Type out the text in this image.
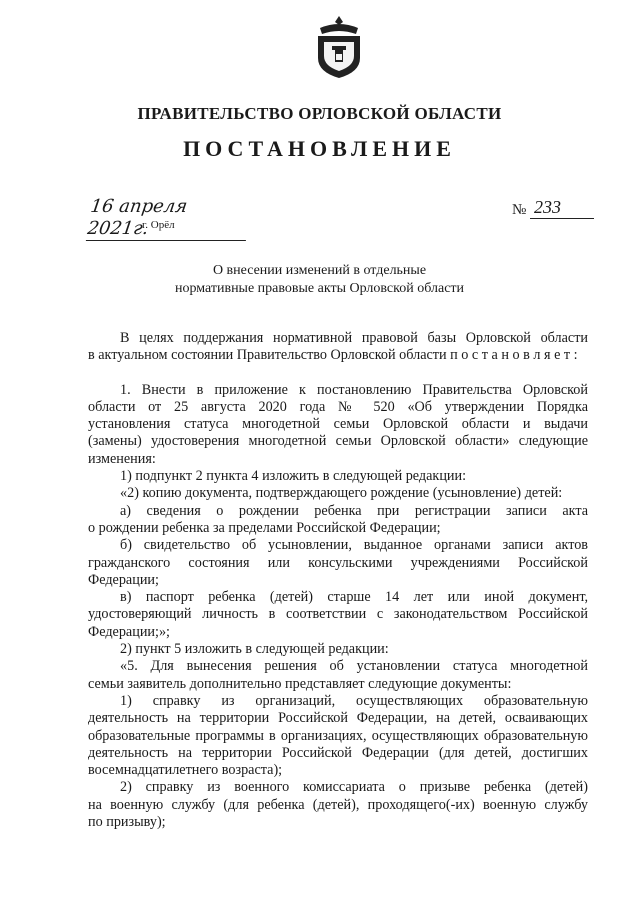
ПРАВИТЕЛЬСТВО ОРЛОВСКОЙ ОБЛАСТИ
ПОСТАНОВЛЕНИЕ
16 апреля 2021г.
г. Орёл
№ 233
О внесении изменений в отдельные
нормативные правовые акты Орловской области
В целях поддержания нормативной правовой базы Орловской области
в актуальном состоянии Правительство Орловской области п о с т а н о в л я е т :
1. Внести в приложение к постановлению Правительства Орловской
области от 25 августа 2020 года № 520 «Об утверждении Порядка
установления статуса многодетной семьи Орловской области и выдачи
(замены) удостоверения многодетной семьи Орловской области» следующие
изменения:
1) подпункт 2 пункта 4 изложить в следующей редакции:
«2) копию документа, подтверждающего рождение (усыновление) детей:
а) сведения о рождении ребенка при регистрации записи акта
о рождении ребенка за пределами Российской Федерации;
б) свидетельство об усыновлении, выданное органами записи актов
гражданского состояния или консульскими учреждениями Российской
Федерации;
в) паспорт ребенка (детей) старше 14 лет или иной документ,
удостоверяющий личность в соответствии с законодательством Российской
Федерации;»;
2) пункт 5 изложить в следующей редакции:
«5. Для вынесения решения об установлении статуса многодетной
семьи заявитель дополнительно представляет следующие документы:
1) справку из организаций, осуществляющих образовательную
деятельность на территории Российской Федерации, на детей, осваивающих
образовательные программы в организациях, осуществляющих образовательную
деятельность на территории Российской Федерации (для детей, достигших
восемнадцатилетнего возраста);
2) справку из военного комиссариата о призыве ребенка (детей)
на военную службу (для ребенка (детей), проходящего(-их) военную службу
по призыву);
